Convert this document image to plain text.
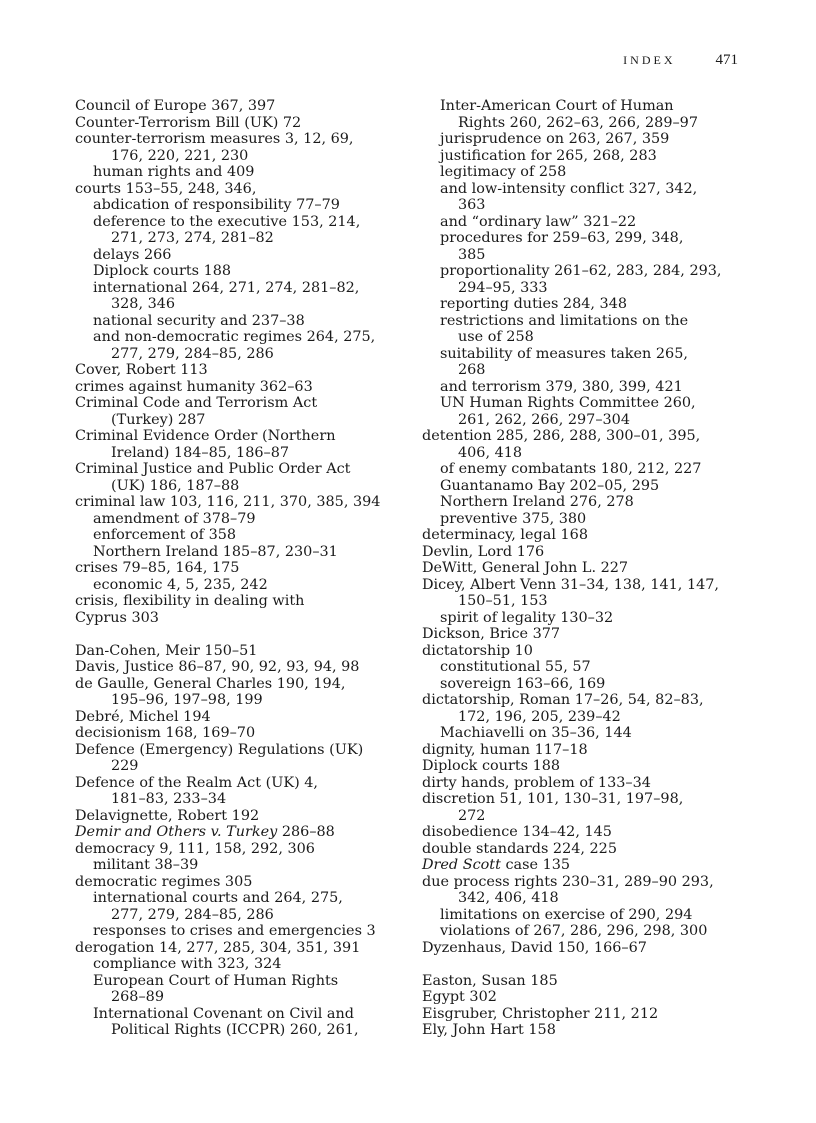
INDEX	471
Council of Europe 367, 397
Counter-Terrorism Bill (UK) 72
counter-terrorism measures 3, 12, 69,
176, 220, 221, 230
human rights and 409
courts 153–55, 248, 346,
abdication of responsibility 77–79
deference to the executive 153, 214,
271, 273, 274, 281–82
delays 266
Diplock courts 188
international 264, 271, 274, 281–82,
328, 346
national security and 237–38
and non-democratic regimes 264, 275,
277, 279, 284–85, 286
Cover, Robert 113
crimes against humanity 362–63
Criminal Code and Terrorism Act
(Turkey) 287
Criminal Evidence Order (Northern
Ireland) 184–85, 186–87
Criminal Justice and Public Order Act
(UK) 186, 187–88
criminal law 103, 116, 211, 370, 385, 394
amendment of 378–79
enforcement of 358
Northern Ireland 185–87, 230–31
crises 79–85, 164, 175
economic 4, 5, 235, 242
crisis, flexibility in dealing with
Cyprus 303
Dan-Cohen, Meir 150–51
Davis, Justice 86–87, 90, 92, 93, 94, 98
de Gaulle, General Charles 190, 194,
195–96, 197–98, 199
Debré, Michel 194
decisionism 168, 169–70
Defence (Emergency) Regulations (UK)
229
Defence of the Realm Act (UK) 4,
181–83, 233–34
Delavignette, Robert 192
Demir and Others v. Turkey 286–88
democracy 9, 111, 158, 292, 306
militant 38–39
democratic regimes 305
international courts and 264, 275,
277, 279, 284–85, 286
responses to crises and emergencies 3
derogation 14, 277, 285, 304, 351, 391
compliance with 323, 324
European Court of Human Rights
268–89
International Covenant on Civil and
Political Rights (ICCPR) 260, 261,
Inter-American Court of Human
Rights 260, 262–63, 266, 289–97
jurisprudence on 263, 267, 359
justification for 265, 268, 283
legitimacy of 258
and low-intensity conflict 327, 342,
363
and “ordinary law” 321–22
procedures for 259–63, 299, 348,
385
proportionality 261–62, 283, 284, 293,
294–95, 333
reporting duties 284, 348
restrictions and limitations on the
use of 258
suitability of measures taken 265,
268
and terrorism 379, 380, 399, 421
UN Human Rights Committee 260,
261, 262, 266, 297–304
detention 285, 286, 288, 300–01, 395,
406, 418
of enemy combatants 180, 212, 227
Guantanamo Bay 202–05, 295
Northern Ireland 276, 278
preventive 375, 380
determinacy, legal 168
Devlin, Lord 176
DeWitt, General John L. 227
Dicey, Albert Venn 31–34, 138, 141, 147,
150–51, 153
spirit of legality 130–32
Dickson, Brice 377
dictatorship 10
constitutional 55, 57
sovereign 163–66, 169
dictatorship, Roman 17–26, 54, 82–83,
172, 196, 205, 239–42
Machiavelli on 35–36, 144
dignity, human 117–18
Diplock courts 188
dirty hands, problem of 133–34
discretion 51, 101, 130–31, 197–98,
272
disobedience 134–42, 145
double standards 224, 225
Dred Scott case 135
due process rights 230–31, 289–90 293,
342, 406, 418
limitations on exercise of 290, 294
violations of 267, 286, 296, 298, 300
Dyzenhaus, David 150, 166–67
Easton, Susan 185
Egypt 302
Eisgruber, Christopher 211, 212
Ely, John Hart 158
